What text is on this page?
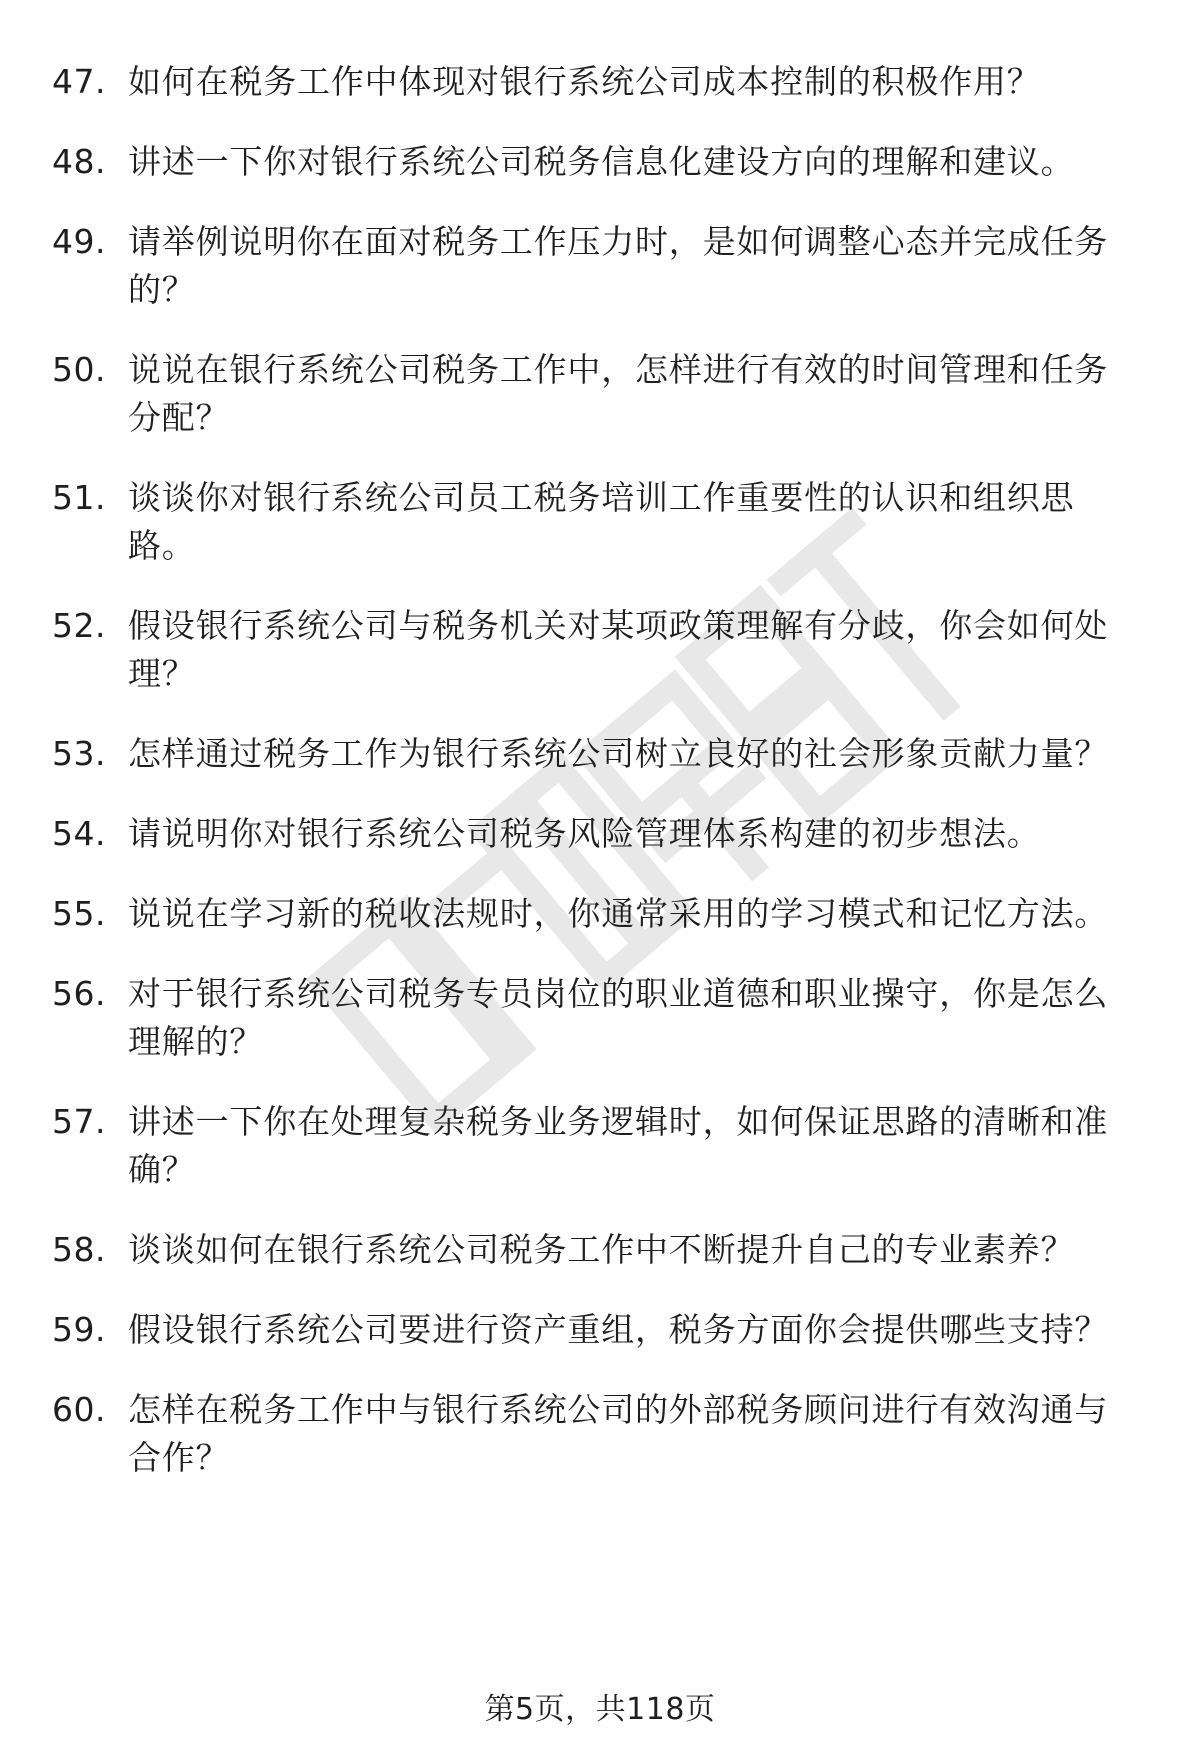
47. 如何在税务工作中体现对银行系统公司成本控制的积极作用？
48. 讲述一下你对银行系统公司税务信息化建设方向的理解和建议。
49. 请举例说明你在面对税务工作压力时，是如何调整心态并完成任务的？
50. 说说在银行系统公司税务工作中，怎样进行有效的时间管理和任务分配？
51. 谈谈你对银行系统公司员工税务培训工作重要性的认识和组织思路。
52. 假设银行系统公司与税务机关对某项政策理解有分歧，你会如何处理？
53. 怎样通过税务工作为银行系统公司树立良好的社会形象贡献力量？
54. 请说明你对银行系统公司税务风险管理体系构建的初步想法。
55. 说说在学习新的税收法规时，你通常采用的学习模式和记忆方法。
56. 对于银行系统公司税务专员岗位的职业道德和职业操守，你是怎么理解的？
57. 讲述一下你在处理复杂税务业务逻辑时，如何保证思路的清晰和准确？
58. 谈谈如何在银行系统公司税务工作中不断提升自己的专业素养？
59. 假设银行系统公司要进行资产重组，税务方面你会提供哪些支持？
60. 怎样在税务工作中与银行系统公司的外部税务顾问进行有效沟通与合作？
第5页，共118页
